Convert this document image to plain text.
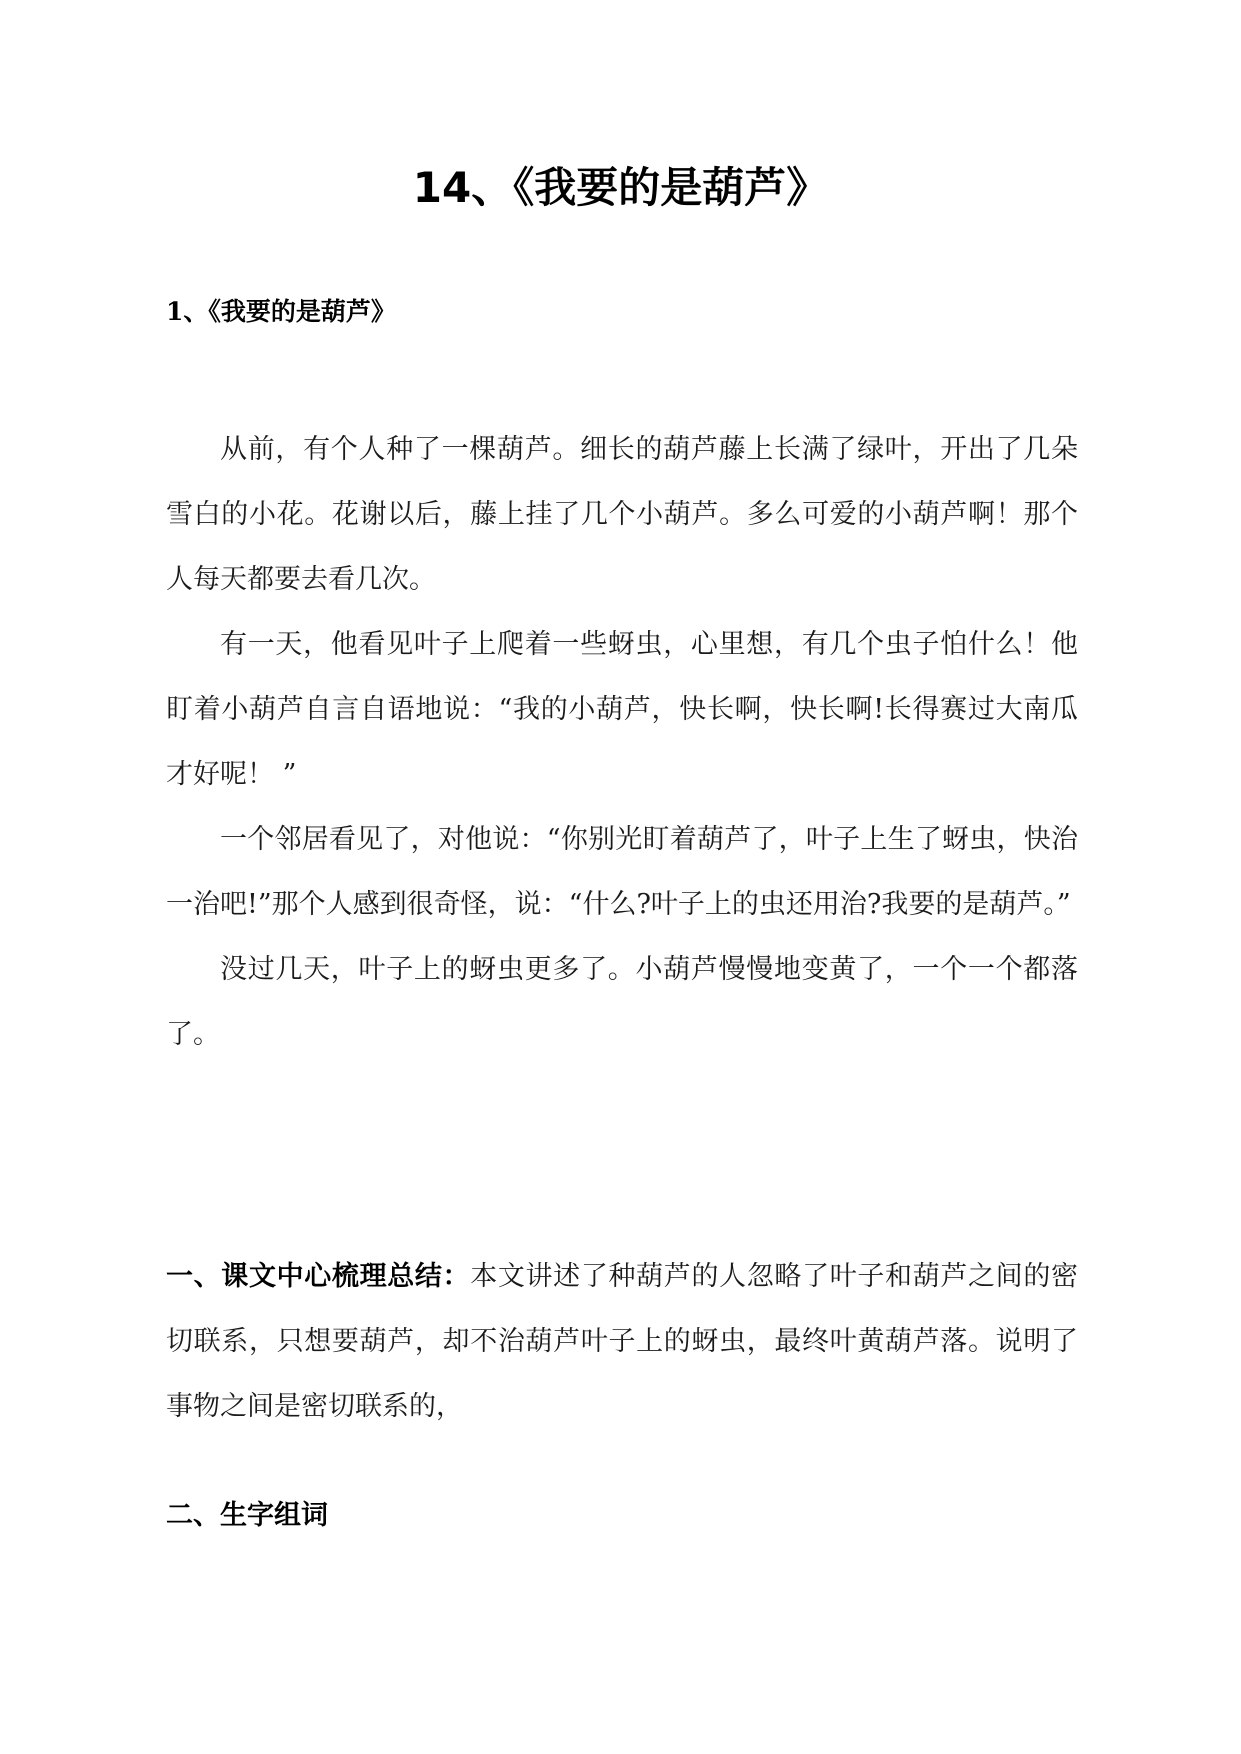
14、《我要的是葫芦》
1、《我要的是葫芦》

从前，有个人种了一棵葫芦。细长的葫芦藤上长满了绿叶，开出了几朵雪白的小花。花谢以后，藤上挂了几个小葫芦。多么可爱的小葫芦啊！那个人每天都要去看几次。

有一天，他看见叶子上爬着一些蚜虫，心里想，有几个虫子怕什么！他盯着小葫芦自言自语地说：“我的小葫芦，快长啊，快长啊!长得赛过大南瓜才好呢！ ”

一个邻居看见了，对他说：“你别光盯着葫芦了，叶子上生了蚜虫，快治一治吧!”那个人感到很奇怪，说：“什么?叶子上的虫还用治?我要的是葫芦。”

没过几天，叶子上的蚜虫更多了。小葫芦慢慢地变黄了，一个一个都落了。

一、课文中心梳理总结：本文讲述了种葫芦的人忽略了叶子和葫芦之间的密切联系，只想要葫芦，却不治葫芦叶子上的蚜虫，最终叶黄葫芦落。说明了事物之间是密切联系的，

二、生字组词
